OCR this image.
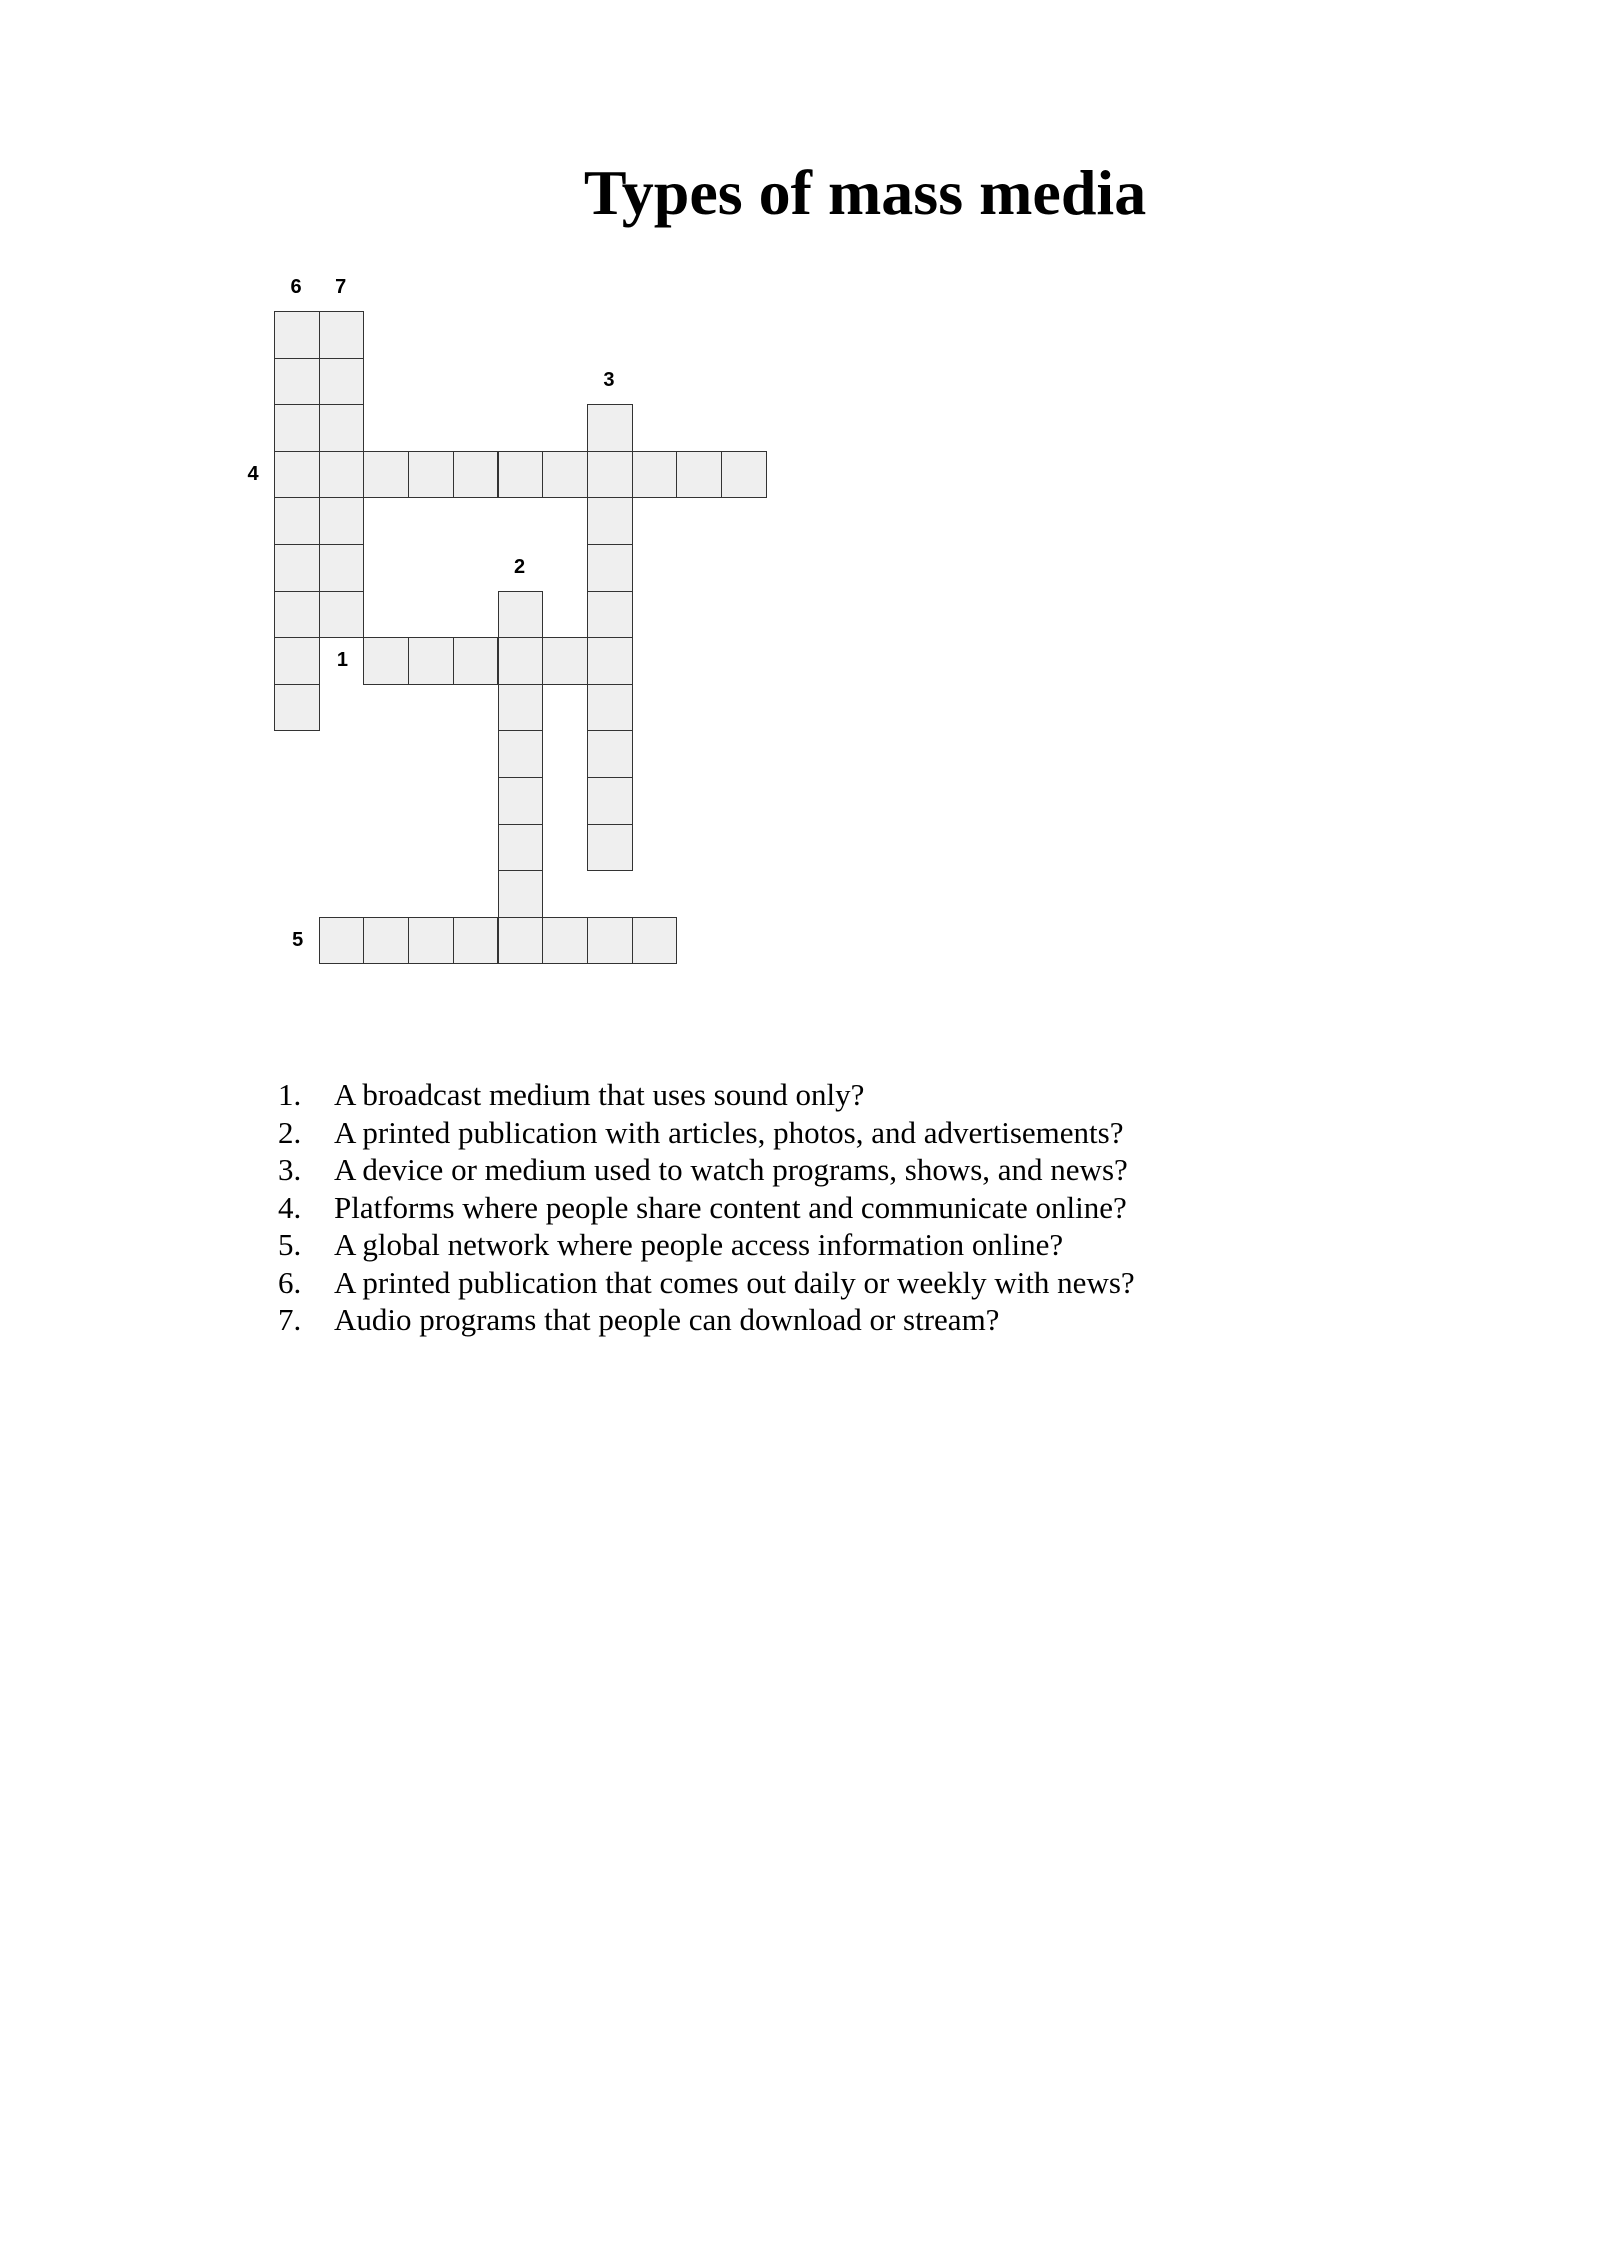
Types of mass media
1
2
3
4
5
6	7
1.	A broadcast medium that uses sound only?
2.	A printed publication with articles, photos, and advertisements?
3.	A device or medium used to watch programs, shows, and news?
4.	Platforms where people share content and communicate online?
5.	A global network where people access information online?
6.	A printed publication that comes out daily or weekly with news?
7.	Audio programs that people can download or stream?
